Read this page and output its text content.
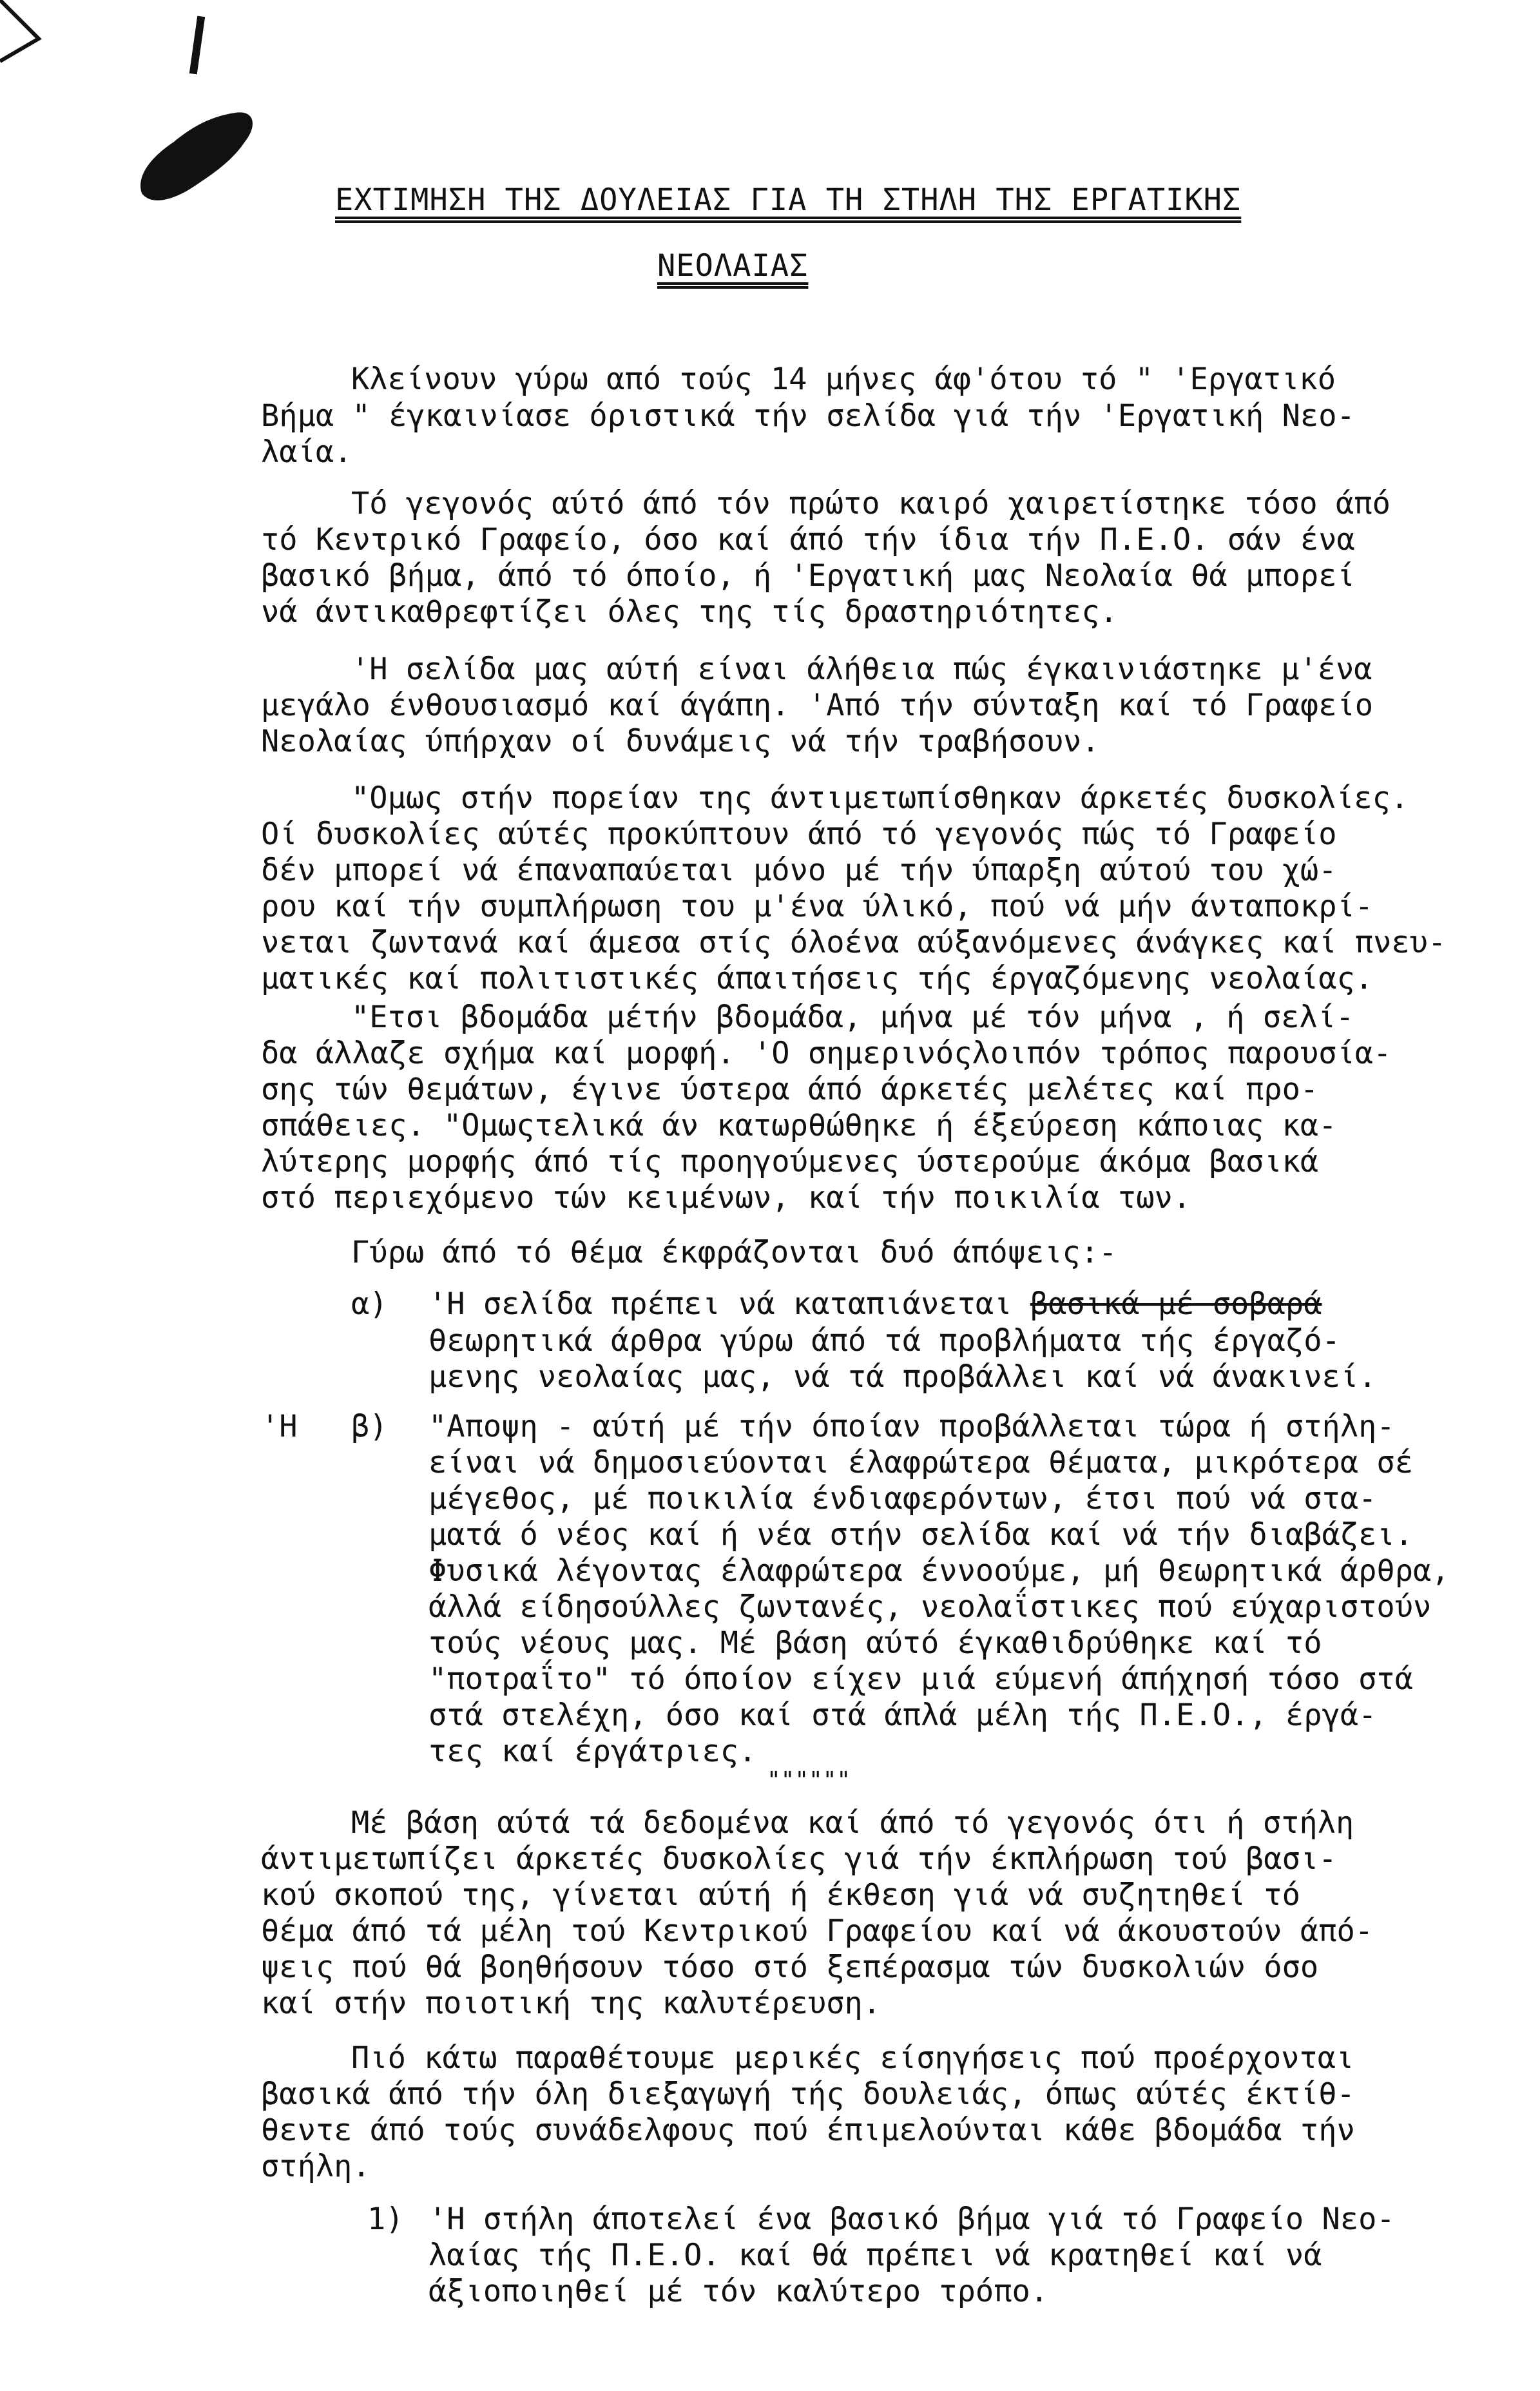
ΕΧΤΙΜΗΣΗ ΤΗΣ ΔΟΥΛΕΙΑΣ ΓΙΑ ΤΗ ΣΤΗΛΗ ΤΗΣ ΕΡΓΑΤΙΚΗΣ
ΝΕΟΛΑΙΑΣ
Κλείνουν γύρω από τούς 14 μήνες άφ'ότου τό " 'Εργατικό
Βήμα " έγκαινίασε όριστικά τήν σελίδα γιά τήν 'Εργατική Νεο-
λαία.
Τό γεγονός αύτό άπό τόν πρώτο καιρό χαιρετίστηκε τόσο άπό
τό Κεντρικό Γραφείο, όσο καί άπό τήν ίδια τήν Π.Ε.Ο. σάν ένα
βασικό βήμα, άπό τό όποίο, ή 'Εργατική μας Νεολαία θά μπορεί
νά άντικαθρεφτίζει όλες της τίς δραστηριότητες.
'Η σελίδα μας αύτή είναι άλήθεια πώς έγκαινιάστηκε μ'ένα
μεγάλο ένθουσιασμό καί άγάπη. 'Από τήν σύνταξη καί τό Γραφείο
Νεολαίας ύπήρχαν οί δυνάμεις νά τήν τραβήσουν.
"Ομως στήν πορείαν της άντιμετωπίσθηκαν άρκετές δυσκολίες.
Οί δυσκολίες αύτές προκύπτουν άπό τό γεγονός πώς τό Γραφείο
δέν μπορεί νά έπαναπαύεται μόνο μέ τήν ύπαρξη αύτού του χώ-
ρου καί τήν συμπλήρωση του μ'ένα ύλικό, πού νά μήν άνταποκρί-
νεται ζωντανά καί άμεσα στίς όλοένα αύξανόμενες άνάγκες καί πνευ-
ματικές καί πολιτιστικές άπαιτήσεις τής έργαζόμενης νεολαίας.
"Ετσι βδομάδα μέτήν βδομάδα, μήνα μέ τόν μήνα , ή σελί-
δα άλλαζε σχήμα καί μορφή. 'Ο σημερινόςλοιπόν τρόπος παρουσία-
σης τών θεμάτων, έγινε ύστερα άπό άρκετές μελέτες καί προ-
σπάθειες. "Ομωςτελικά άν κατωρθώθηκε ή έξεύρεση κάποιας κα-
λύτερης μορφής άπό τίς προηγούμενες ύστερούμε άκόμα βασικά
στό περιεχόμενο τών κειμένων, καί τήν ποικιλία των.
Γύρω άπό τό θέμα έκφράζονται δυό άπόψεις:-
α) 'Η σελίδα πρέπει νά καταπιάνεται βασικά μέ σοβαρά
θεωρητικά άρθρα γύρω άπό τά προβλήματα τής έργαζό-
μενης νεολαίας μας, νά τά προβάλλει καί νά άνακινεί.
'Η β) "Αποψη - αύτή μέ τήν όποίαν προβάλλεται τώρα ή στήλη-
είναι νά δημοσιεύονται έλαφρώτερα θέματα, μικρότερα σέ
μέγεθος, μέ ποικιλία ένδιαφερόντων, έτσι πού νά στα-
ματά ό νέος καί ή νέα στήν σελίδα καί νά τήν διαβάζει.
Φυσικά λέγοντας έλαφρώτερα έννοούμε, μή θεωρητικά άρθρα,
άλλά είδησούλλες ζωντανές, νεολαΐστικες πού εύχαριστούν
τούς νέους μας. Μέ βάση αύτό έγκαθιδρύθηκε καί τό
"ποτραΐτο" τό όποίον είχεν μιά εύμενή άπήχησή τόσο στά
στά στελέχη, όσο καί στά άπλά μέλη τής Π.Ε.Ο., έργά-
τες καί έργάτριες.
""""""
Μέ βάση αύτά τά δεδομένα καί άπό τό γεγονός ότι ή στήλη
άντιμετωπίζει άρκετές δυσκολίες γιά τήν έκπλήρωση τού βασι-
κού σκοπού της, γίνεται αύτή ή έκθεση γιά νά συζητηθεί τό
θέμα άπό τά μέλη τού Κεντρικού Γραφείου καί νά άκουστούν άπό-
ψεις πού θά βοηθήσουν τόσο στό ξεπέρασμα τών δυσκολιών όσο
καί στήν ποιοτική της καλυτέρευση.
Πιό κάτω παραθέτουμε μερικές είσηγήσεις πού προέρχονται
βασικά άπό τήν όλη διεξαγωγή τής δουλειάς, όπως αύτές έκτίθ-
θεντε άπό τούς συνάδελφους πού έπιμελούνται κάθε βδομάδα τήν
στήλη.
1) 'Η στήλη άποτελεί ένα βασικό βήμα γιά τό Γραφείο Νεο-
λαίας τής Π.Ε.Ο. καί θά πρέπει νά κρατηθεί καί νά
άξιοποιηθεί μέ τόν καλύτερο τρόπο.
